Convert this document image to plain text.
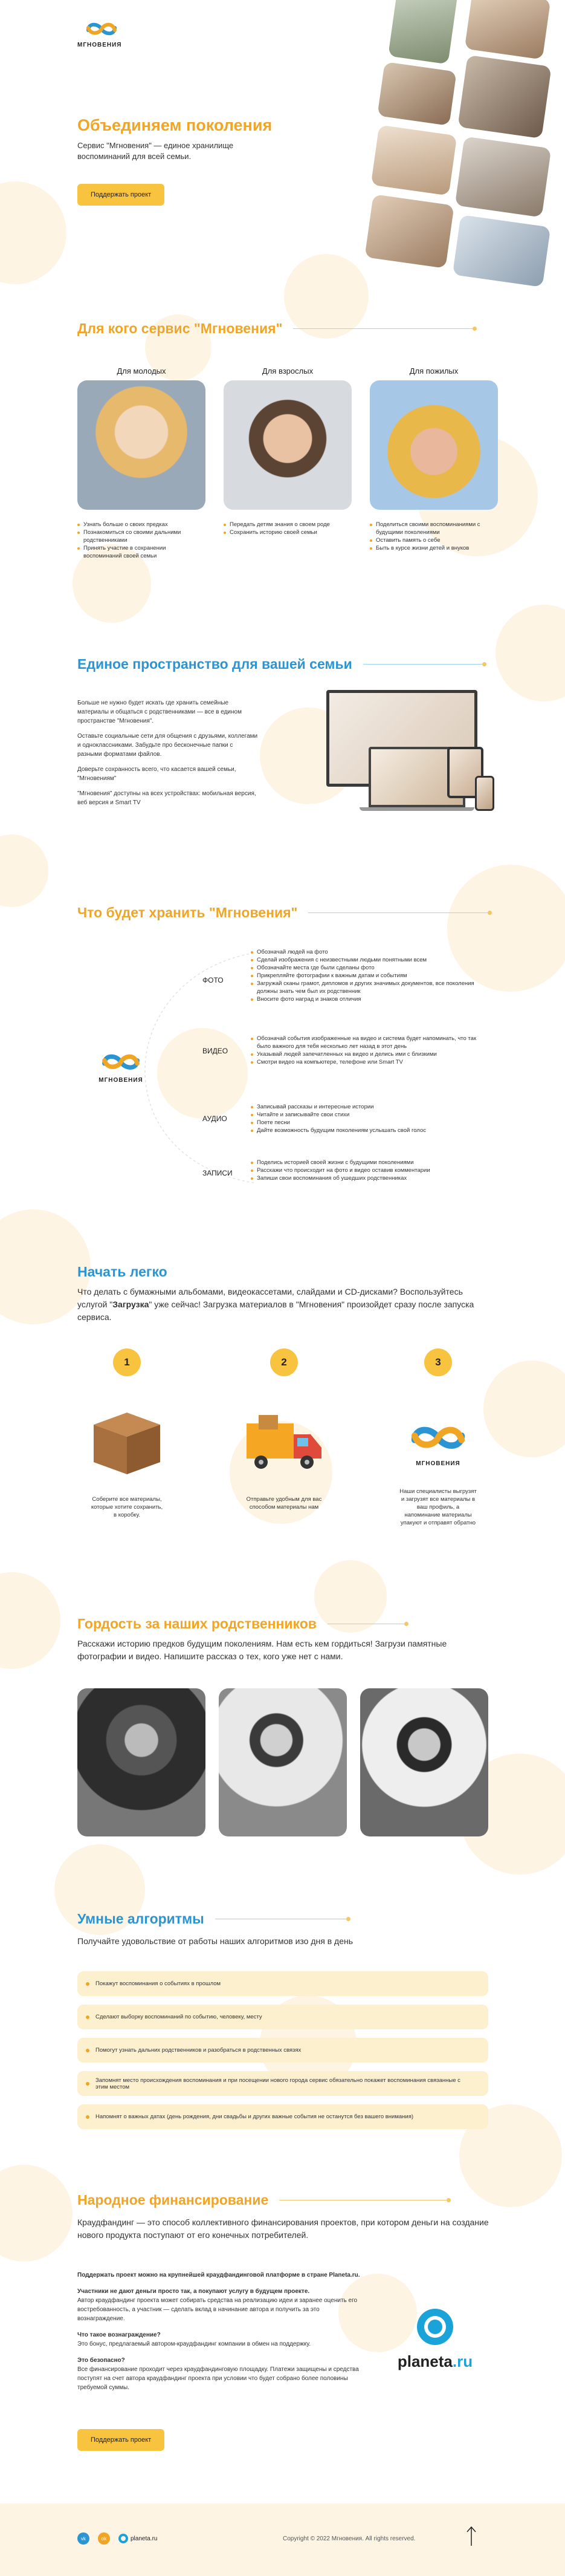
МГНОВЕНИЯ
Объединяем поколения
Сервис "Мгновения" — единое хранилище воспоминаний для всей семьи.
Поддержать проект
Для кого сервис "Мгновения"
Для молодых
Узнать больше о своих предках
Познакомиться со своими дальними родственниками
Принять участие в сохранении воспоминаний своей семьи
Для взрослых
Передать детям знания о своем роде
Сохранить историю своей семьи
Для пожилых
Поделиться своими воспоминаниями с будущими поколениями
Оставить память о себе
Быть в курсе жизни детей и внуков
Единое пространство для вашей семьи

Больше не нужно будет искать где хранить семейные материалы и общаться с родственниками — все в едином пространстве "Мгновения".

Оставьте социальные сети для общения с друзьями, коллегами и одноклассниками. Забудьте про бесконечные папки с разными форматами файлов.

Доверьте сохранность всего, что касается вашей семьи, "Мгновениям"

"Мгновения" доступны на всех устройствах: мобильная версия, веб версия и Smart TV

Что будет хранить "Мгновения"
МГНОВЕНИЯ
ФОТО
Обозначай людей на фото
Сделай изображения с неизвестными людьми понятными всем
Обозначайте места где были сделаны фото
Прикрепляйте фотографии к важным датам и событиям
Загружай сканы грамот, дипломов и других значимых документов, все поколения должны знать чем был их родственник
Вносите фото наград и знаков отличия
ВИДЕО
Обозначай события изображенные на видео и система будет напоминать, что так было важного для тебя несколько лет назад в этот день
Указывай людей запечатленных на видео и делись ими с близкими
Смотри видео на компьютере, телефоне или Smart TV
АУДИО
Записывай рассказы и интересные истории
Читайте и записывайте свои стихи
Поете песни
Дайте возможность будущим поколениям услышать свой голос
ЗАПИСИ
Поделись историей своей жизни с будущими поколениями
Расскажи что происходит на фото и видео оставив комментарии
Запиши свои воспоминания об ушедших родственниках
Начать легко

Что делать с бумажными альбомами, видеокассетами, слайдами и CD-дисками? Воспользуйтесь услугой "Загрузка" уже сейчас! Загрузка материалов в "Мгновения" произойдет сразу после запуска сервиса.

1

Соберите все материалы, которые хотите сохранить, в коробку.

2

Отправьте удобным для вас способом материалы нам

3
МГНОВЕНИЯ

Наши специалисты выгрузят и загрузят все материалы в ваш профиль, а напоминание материалы упакуют и отправят обратно

Гордость за наших родственников

Расскажи историю предков будущим поколениям. Нам есть кем гордиться! Загрузи памятные фотографии и видео. Напишите рассказ о тех, кого уже нет с нами.

Умные алгоритмы

Получайте удовольствие от работы наших алгоритмов изо дня в день

Покажут воспоминания о событиях в прошлом
Сделают выборку воспоминаний по событию, человеку, месту
Помогут узнать дальних родственников и разобраться в родственных связях
Запомнят место происхождения воспоминания и при посещении нового города сервис обязательно покажет воспоминания связанные с этим местом
Напомнят о важных датах (день рождения, дни свадьбы и других важные события не останутся без вашего внимания)
Народное финансирование

Краудфандинг — это способ коллективного финансирования проектов, при котором деньги на создание нового продукта поступают от его конечных потребителей.

Поддержать проект можно на крупнейшей краудфандинговой платформе в стране Planeta.ru.

Участники не дают деньги просто так, а покупают услугу в будущем проекте.

Автор краудфандинг проекта может собирать средства на реализацию идеи и заранее оценить его востребованность, а участник — сделать вклад в начинание автора и получить за это вознаграждение.

Что такое вознаграждение?

Это бонус, предлагаемый автором-краудфандинг компании в обмен на поддержку.

Это безопасно?

Все финансирование проходит через краудфандинговую площадку. Платежи защищены и средства поступят на счет автора краудфандинг проекта при условии что будет собрано более половины требуемой суммы.

planeta.ru
Поддержать проект
vk	ok	planeta.ru	Copyright © 2022 Мгновения. All rights reserved.
